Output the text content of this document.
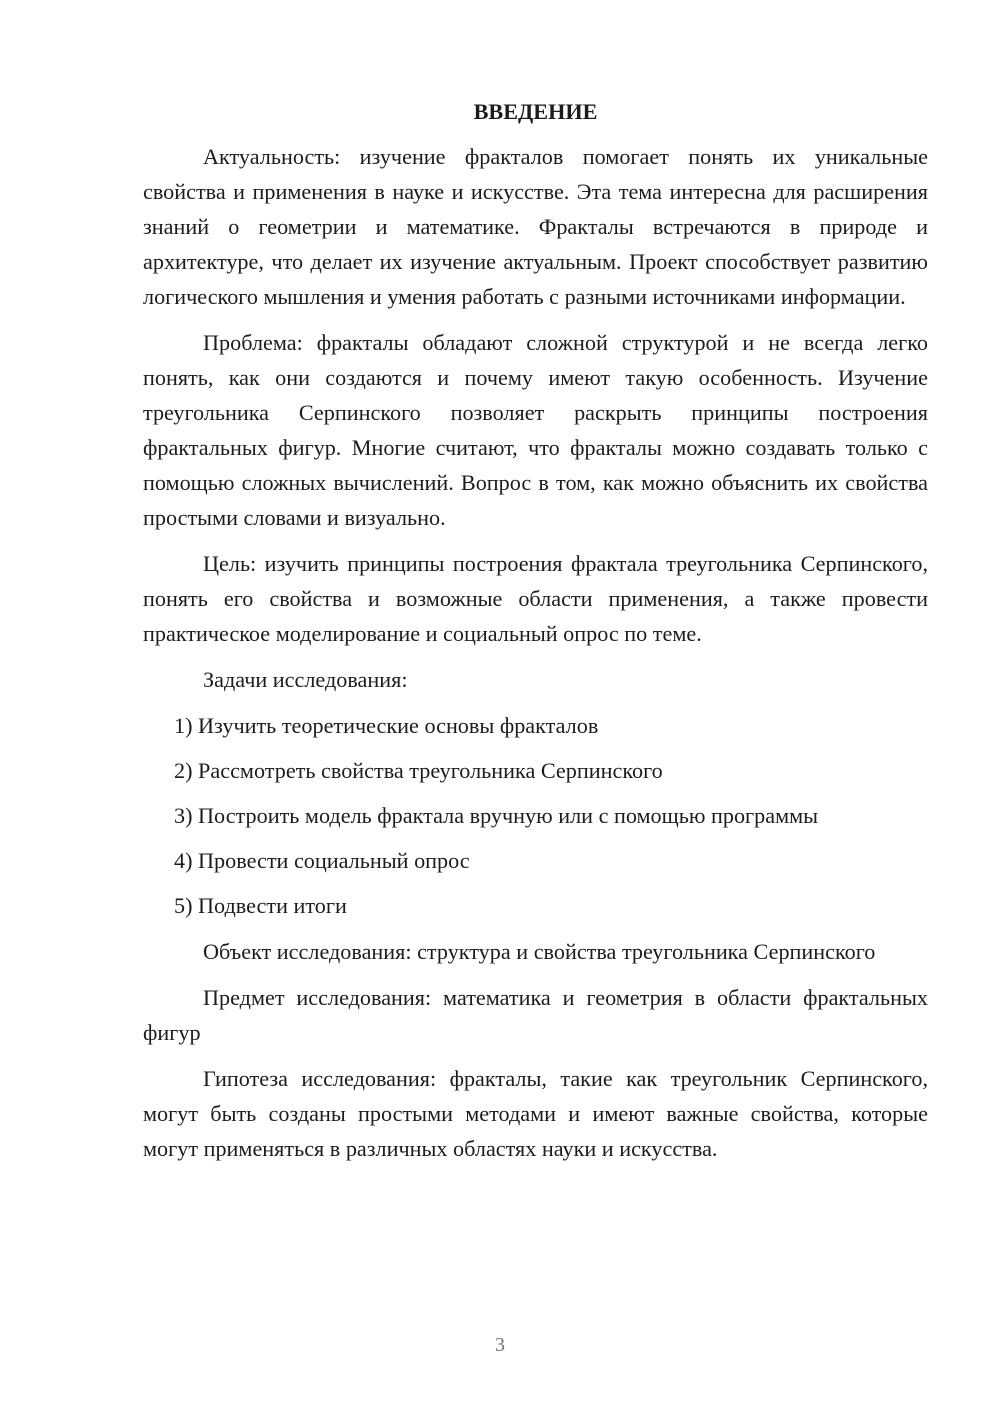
ВВЕДЕНИЕ

Актуальность: изучение фракталов помогает понять их уникальные свойства и применения в науке и искусстве. Эта тема интересна для расширения знаний о геометрии и математике. Фракталы встречаются в природе и архитектуре, что делает их изучение актуальным. Проект способствует развитию логического мышления и умения работать с разными источниками информации.

Проблема: фракталы обладают сложной структурой и не всегда легко понять, как они создаются и почему имеют такую особенность. Изучение треугольника Серпинского позволяет раскрыть принципы построения фрактальных фигур. Многие считают, что фракталы можно создавать только с помощью сложных вычислений. Вопрос в том, как можно объяснить их свойства простыми словами и визуально.

Цель: изучить принципы построения фрактала треугольника Серпинского, понять его свойства и возможные области применения, а также провести практическое моделирование и социальный опрос по теме.

Задачи исследования:

1) Изучить теоретические основы фракталов
2) Рассмотреть свойства треугольника Серпинского
3) Построить модель фрактала вручную или с помощью программы
4) Провести социальный опрос
5) Подвести итоги

Объект исследования: структура и свойства треугольника Серпинского

Предмет исследования: математика и геометрия в области фрактальных фигур

Гипотеза исследования: фракталы, такие как треугольник Серпинского, могут быть созданы простыми методами и имеют важные свойства, которые могут применяться в различных областях науки и искусства.

3
